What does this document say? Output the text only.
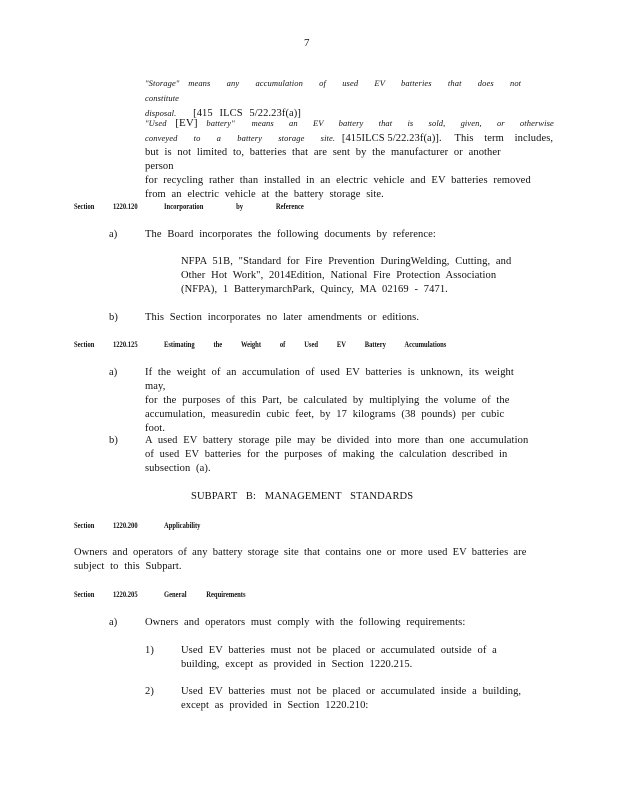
7
"Storage" means any accumulation of used EV batteries that does not constitute
disposal. [415 ILCS 5/22.23f(a)]
"Used [EV] battery" means an EV battery that is sold, given, or otherwise
conveyed to a battery storage site. [415ILCS 5/22.23f(a)]. This term includes,
but is not limited to, batteries that are sent by the manufacturer or another person
for recycling rather than installed in an electric vehicle and EV batteries removed
from an electric vehicle at the battery storage site.
Section 1220.120	Incorporation by Reference
a)	The Board incorporates the following documents by reference:
NFPA 51B, "Standard for Fire Prevention DuringWelding, Cutting, and
Other Hot Work", 2014Edition, National Fire Protection Association
(NFPA), 1 BatterymarchPark, Quincy, MA 02169 - 7471.
b)	This Section incorporates no later amendments or editions.
Section 1220.125	Estimating the Weight of Used EV Battery Accumulations
a)	If the weight of an accumulation of used EV batteries is unknown, its weight may,
for the purposes of this Part, be calculated by multiplying the volume of the
accumulation, measuredin cubic feet, by 17 kilograms (38 pounds) per cubic
foot.
b)	A used EV battery storage pile may be divided into more than one accumulation
of used EV batteries for the purposes of making the calculation described in
subsection (a).
SUBPART B: MANAGEMENT STANDARDS
Section 1220.200	Applicability
Owners and operators of any battery storage site that contains one or more used EV batteries are
subject to this Subpart.
Section 1220.205	General Requirements
a)	Owners and operators must comply with the following requirements:
1)	Used EV batteries must not be placed or accumulated outside of a
building, except as provided in Section 1220.215.
2)	Used EV batteries must not be placed or accumulated inside a building,
except as provided in Section 1220.210:
